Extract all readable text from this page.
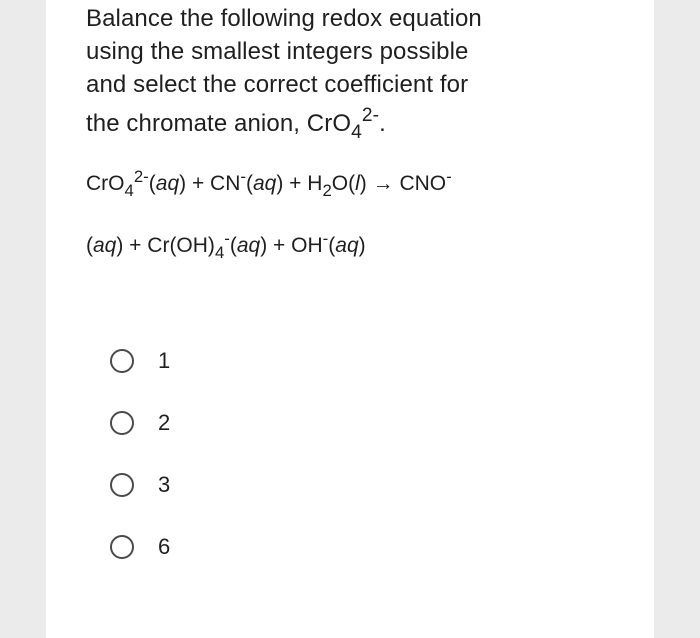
Balance the following redox equation
using the smallest integers possible
and select the correct coefficient for
the chromate anion, CrO$_4^{2-}$.
$CrO_4^{2-}(aq) + CN^-(aq) + H_2O(l) \to CNO^-$
$(aq) + Cr(OH)_4^-(aq) + OH^-(aq)$
1
2
3
6
